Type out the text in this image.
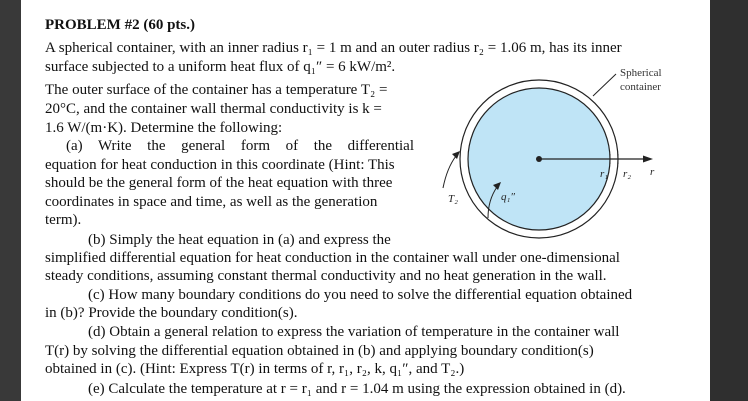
PROBLEM #2 (60 pts.)
A spherical container, with an inner radius r₁ = 1 m and an outer radius r₂ = 1.06 m, has its inner
surface subjected to a uniform heat flux of q₁″ = 6 kW/m².
The outer surface of the container has a temperature T₂ =
20°C, and the container wall thermal conductivity is k =
1.6 W/(m·K). Determine the following:
(a) Write the general form of the differential
equation for heat conduction in this coordinate (Hint: This
should be the general form of the heat equation with three
coordinates in space and time, as well as the generation
term).
(b) Simply the heat equation in (a) and express the
simplified differential equation for heat conduction in the container wall under one-dimensional
steady conditions, assuming constant thermal conductivity and no heat generation in the wall.
(c) How many boundary conditions do you need to solve the differential equation obtained
in (b)? Provide the boundary condition(s).
(d) Obtain a general relation to express the variation of temperature in the container wall
T(r) by solving the differential equation obtained in (b) and applying boundary condition(s)
obtained in (c). (Hint: Express T(r) in terms of r, r₁, r₂, k, q₁″, and T₂.)
(e) Calculate the temperature at r = r₁ and r = 1.04 m using the expression obtained in (d).
Spherical
container
r₁ r₂ r
T₂	q₁″
